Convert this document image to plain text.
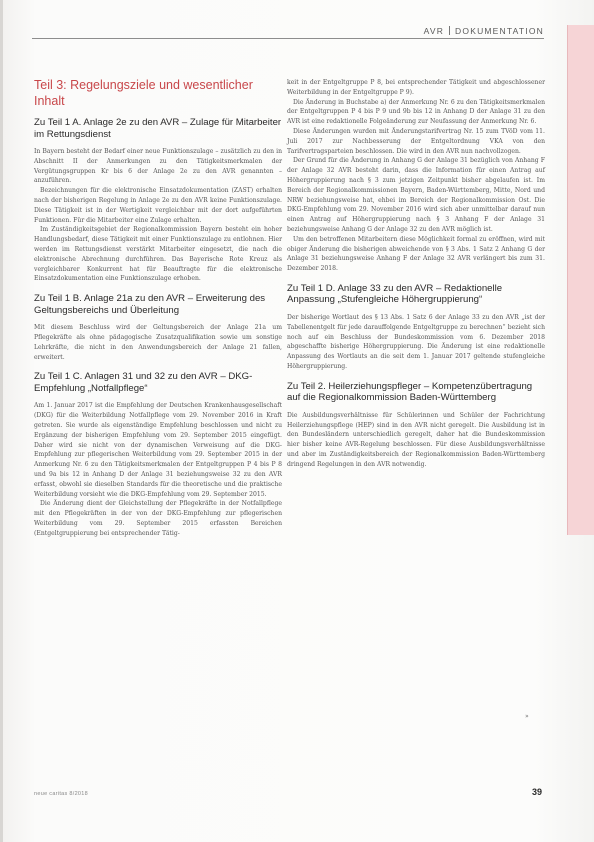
AVR DOKUMENTATION
Teil 3: Regelungsziele und wesentlicher Inhalt
Zu Teil 1 A. Anlage 2e zu den AVR – Zulage für Mitarbeiter im Rettungsdienst

In Bayern besteht der Bedarf einer neue Funktionszulage – zusätzlich zu den in Abschnitt II der Anmerkungen zu den Tätigkeitsmerkmalen der Vergütungsgruppen Kr bis 6 der Anlage 2e zu den AVR genannten – anzuführen.

Bezeichnungen für die elektronische Einsatzdokumentation (ZAST) erhalten nach der bisherigen Regelung in Anlage 2e zu den AVR keine Funktionszulage. Diese Tätigkeit ist in der Wertigkeit vergleichbar mit der dort aufgeführten Funktionen. Für die Mitarbeiter eine Zulage erhalten.

Im Zuständigkeitsgebiet der Regionalkommission Bayern besteht ein hoher Handlungsbedarf, diese Tätigkeit mit einer Funktionszulage zu entlohnen. Hier werden im Rettungsdienst verstärkt Mitarbeiter eingesetzt, die nach die elektronische Abrechnung durchführen. Das Bayerische Rote Kreuz als vergleichbarer Konkurrent hat für Beauftragte für die elektronische Einsatzdokumentation eine Funktionszulage erhoben.

Zu Teil 1 B. Anlage 21a zu den AVR – Erweiterung des Geltungsbereichs und Überleitung

Mit diesem Beschluss wird der Geltungsbereich der Anlage 21a um Pflegekräfte als ohne pädagogische Zusatzqualifikation sowie um sonstige Lehrkräfte, die nicht in den Anwendungsbereich der Anlage 21 fallen, erweitert.

Zu Teil 1 C. Anlagen 31 und 32 zu den AVR – DKG-Empfehlung „Notfallpflege“

Am 1. Januar 2017 ist die Empfehlung der Deutschen Krankenhausgesellschaft (DKG) für die Weiterbildung Notfallpflege vom 29. November 2016 in Kraft getreten. Sie wurde als eigenständige Empfehlung beschlossen und nicht zu Ergänzung der bisherigen Empfehlung vom 29. September 2015 eingefügt. Daher wird sie nicht von der dynamischen Verweisung auf die DKG-Empfehlung zur pflegerischen Weiterbildung vom 29. September 2015 in der Anmerkung Nr. 6 zu den Tätigkeitsmerkmalen der Entgeltgruppen P 4 bis P 8 und 9a bis 12 in Anhang D der Anlage 31 beziehungsweise 32 zu den AVR erfasst, obwohl sie dieselben Standards für die theoretische und die praktische Weiterbildung vorsieht wie die DKG-Empfehlung vom 29. September 2015.

Die Änderung dient der Gleichstellung der Pflegekräfte in der Notfallpflege mit den Pflegekräften in der von der DKG-Empfehlung zur pflegerischen Weiterbildung vom 29. September 2015 erfassten Bereichen (Entgeltgruppierung bei entsprechender Tätig-

keit in der Entgeltgruppe P 8, bei entsprechender Tätigkeit und abgeschlossener Weiterbildung in der Entgeltgruppe P 9).

Die Änderung in Buchstabe a) der Anmerkung Nr. 6 zu den Tätigkeitsmerkmalen der Entgeltgruppen P 4 bis P 9 und 9b bis 12 in Anhang D der Anlage 31 zu den AVR ist eine redaktionelle Folgeänderung zur Neufassung der Anmerkung Nr. 6.

Diese Änderungen wurden mit Änderungstarifvertrag Nr. 15 zum TVöD vom 11. Juli 2017 zur Nachbesserung der Entgeltordnung VKA von den Tarifvertragsparteien beschlossen. Die wird in den AVR nun nachvollzogen.

Der Grund für die Änderung in Anhang G der Anlage 31 bezüglich von Anhang F der Anlage 32 AVR besteht darin, dass die Information für einen Antrag auf Höhergruppierung nach § 3 zum jetzigen Zeitpunkt bisher abgelaufen ist. Im Bereich der Regionalkommissionen Bayern, Baden-Württemberg, Mitte, Nord und NRW beziehungsweise hat, ehbei im Bereich der Regionalkommission Ost. Die DKG-Empfehlung vom 29. November 2016 wird sich aber unmittelbar darauf nun einen Antrag auf Höhergruppierung nach § 3 Anhang F der Anlage 31 beziehungsweise Anhang G der Anlage 32 zu den AVR möglich ist.

Um den betroffenen Mitarbeitern diese Möglichkeit formal zu eröffnen, wird mit obiger Änderung die bisherigen abweichende von § 3 Abs. 1 Satz 2 Anhang G der Anlage 31 beziehungsweise Anhang F der Anlage 32 AVR verlängert bis zum 31. Dezember 2018.

Zu Teil 1 D. Anlage 33 zu den AVR – Redaktionelle Anpassung „Stufengleiche Höhergruppierung“

Der bisherige Wortlaut des § 13 Abs. 1 Satz 6 der Anlage 33 zu den AVR „ist der Tabellenentgelt für jede darauffolgende Entgeltgruppe zu berechnen“ bezieht sich noch auf ein Beschluss der Bundeskommission vom 6. Dezember 2018 abgeschaffte bisherige Höhergruppierung. Die Änderung ist eine redaktionelle Anpassung des Wortlauts an die seit dem 1. Januar 2017 geltende stufengleiche Höhergruppierung.

Zu Teil 2. Heilerziehungspfleger – Kompetenzübertragung auf die Regionalkommission Baden-Württemberg

Die Ausbildungsverhältnisse für Schülerinnen und Schüler der Fachrichtung Heilerziehungspflege (HEP) sind in den AVR nicht geregelt. Die Ausbildung ist in den Bundesländern unterschiedlich geregelt, daher hat die Bundeskommission hier bisher keine AVR-Regelung beschlossen. Für diese Ausbildungsverhältnisse und aber im Zuständigkeitsbereich der Regionalkommission Baden-Württemberg dringend Regelungen in den AVR notwendig.

»
neue caritas 8/2018	39
